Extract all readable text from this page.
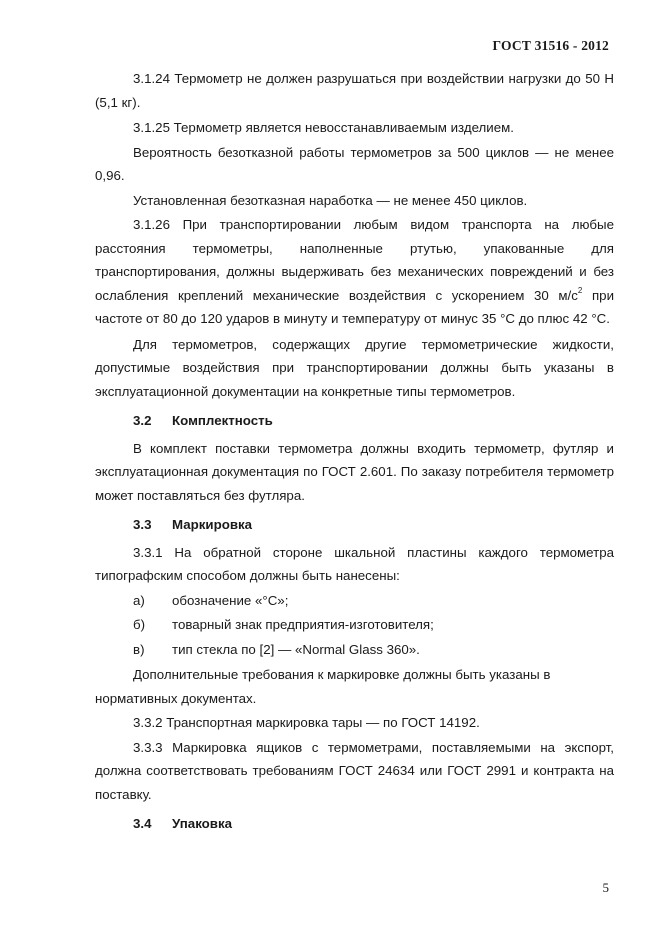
ГОСТ 31516 - 2012

3.1.24 Термометр не должен разрушаться при воздействии нагрузки до 50 Н (5,1 кг).

3.1.25 Термометр является невосстанавливаемым изделием.

Вероятность безотказной работы термометров за 500 циклов — не менее 0,96.

Установленная безотказная наработка — не менее 450 циклов.

3.1.26 При транспортировании любым видом транспорта на любые расстояния термометры, наполненные ртутью, упакованные для транспортирования, должны выдерживать без механических повреждений и без ослабления креплений механические воздействия с ускорением 30 $м/с^2$ при частоте от 80 до 120 ударов в минуту и температуру от минус 35 °С до плюс 42 °С.

Для термометров, содержащих другие термометрические жидкости, допустимые воздействия при транспортировании должны быть указаны в эксплуатационной документации на конкретные типы термометров.

3.2	Комплектность

В комплект поставки термометра должны входить термометр, футляр и эксплуатационная документация по ГОСТ 2.601. По заказу потребителя термометр может поставляться без футляра.

3.3	Маркировка

3.3.1 На обратной стороне шкальной пластины каждого термометра типографским способом должны быть нанесены:

а)	обозначение «°С»;
б)	товарный знак предприятия-изготовителя;
в)	тип стекла по [2] — «Normal Glass 360».

Дополнительные требования к маркировке должны быть указаны в нормативных документах.

3.3.2 Транспортная маркировка тары — по ГОСТ 14192.

3.3.3 Маркировка ящиков с термометрами, поставляемыми на экспорт, должна соответствовать требованиям ГОСТ 24634 или ГОСТ 2991 и контракта на поставку.

3.4	Упаковка
5
